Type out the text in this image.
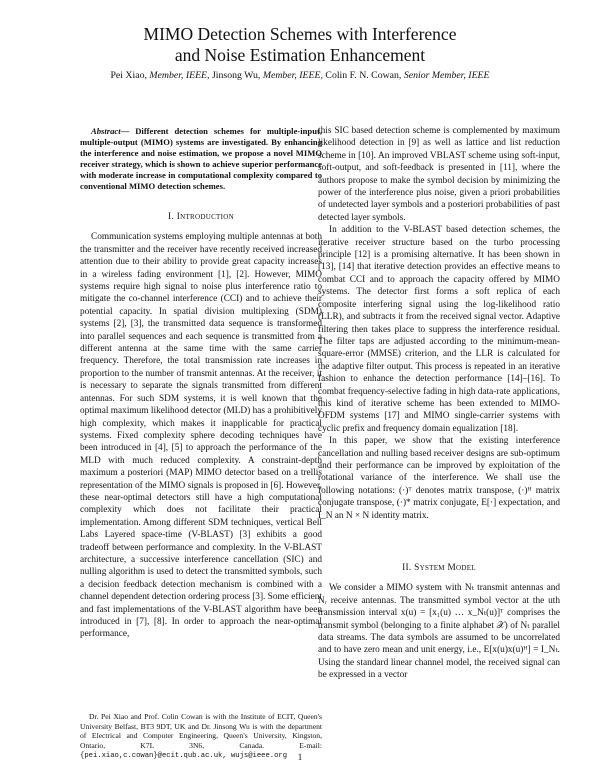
MIMO Detection Schemes with Interference
and Noise Estimation Enhancement
Pei Xiao, Member, IEEE, Jinsong Wu, Member, IEEE, Colin F. N. Cowan, Senior Member, IEEE

Abstract— Different detection schemes for multiple-input, multiple-output (MIMO) systems are investigated. By enhancing the interference and noise estimation, we propose a novel MIMO receiver strategy, which is shown to achieve superior performance with moderate increase in computational complexity compared to conventional MIMO detection schemes.

I. Introduction

Communication systems employing multiple antennas at both the transmitter and the receiver have recently received increased attention due to their ability to provide great capacity increases in a wireless fading environment [1], [2]. However, MIMO systems require high signal to noise plus interference ratio to mitigate the co-channel interference (CCI) and to achieve their potential capacity. In spatial division multiplexing (SDM) systems [2], [3], the transmitted data sequence is transformed into parallel sequences and each sequence is transmitted from a different antenna at the same time with the same carrier frequency. Therefore, the total transmission rate increases in proportion to the number of transmit antennas. At the receiver, it is necessary to separate the signals transmitted from different antennas. For such SDM systems, it is well known that the optimal maximum likelihood detector (MLD) has a prohibitively high complexity, which makes it inapplicable for practical systems. Fixed complexity sphere decoding techniques have been introduced in [4], [5] to approach the performance of the MLD with much reduced complexity. A constraint-depth maximum a posteriori (MAP) MIMO detector based on a trellis representation of the MIMO signals is proposed in [6]. However, these near-optimal detectors still have a high computational complexity which does not facilitate their practical implementation. Among different SDM techniques, vertical Bell Labs Layered space-time (V-BLAST) [3] exhibits a good tradeoff between performance and complexity. In the V-BLAST architecture, a successive interference cancellation (SIC) and nulling algorithm is used to detect the transmitted symbols, such a decision feedback detection mechanism is combined with a channel dependent detection ordering process [3]. Some efficient and fast implementations of the V-BLAST algorithm have been introduced in [7], [8]. In order to approach the near-optimal performance,

Dr. Pei Xiao and Prof. Colin Cowan is with the Institute of ECIT, Queen's University Belfast, BT3 9DT, UK and Dr. Jinsong Wu is with the department of Electrical and Computer Engineering, Queen's University, Kingston, Ontario, K7L 3N6, Canada. E-mail: {pei.xiao,c.cowan}@ecit.qub.ac.uk, wujs@ieee.org

this SIC based detection scheme is complemented by maximum likelihood detection in [9] as well as lattice and list reduction scheme in [10]. An improved VBLAST scheme using soft-input, soft-output, and soft-feedback is presented in [11], where the authors propose to make the symbol decision by minimizing the power of the interference plus noise, given a priori probabilities of undetected layer symbols and a posteriori probabilities of past detected layer symbols.

In addition to the V-BLAST based detection schemes, the iterative receiver structure based on the turbo processing principle [12] is a promising alternative. It has been shown in [13], [14] that iterative detection provides an effective means to combat CCI and to approach the capacity offered by MIMO systems. The detector first forms a soft replica of each composite interfering signal using the log-likelihood ratio (LLR), and subtracts it from the received signal vector. Adaptive filtering then takes place to suppress the interference residual. The filter taps are adjusted according to the minimum-mean-square-error (MMSE) criterion, and the LLR is calculated for the adaptive filter output. This process is repeated in an iterative fashion to enhance the detection performance [14]–[16]. To combat frequency-selective fading in high data-rate applications, this kind of iterative scheme has been extended to MIMO-OFDM systems [17] and MIMO single-carrier systems with cyclic prefix and frequency domain equalization [18].

In this paper, we show that the existing interference cancellation and nulling based receiver designs are sub-optimum and their performance can be improved by exploitation of the rotational variance of the interference. We shall use the following notations: (·)ᵀ denotes matrix transpose, (·)ᴴ matrix conjugate transpose, (·)* matrix conjugate, E[·] expectation, and I_N an N × N identity matrix.

II. System Model

We consider a MIMO system with Nₜ transmit antennas and Nᵣ receive antennas. The transmitted symbol vector at the uth transmission interval x(u) = [x₁(u) … x_Nₜ(u)]ᵀ comprises the transmit symbol (belonging to a finite alphabet 𝒳) of Nₜ parallel data streams. The data symbols are assumed to be uncorrelated and to have zero mean and unit energy, i.e., E[x(u)x(u)ᴴ] = I_Nₜ. Using the standard linear channel model, the received signal can be expressed in a vector

1
